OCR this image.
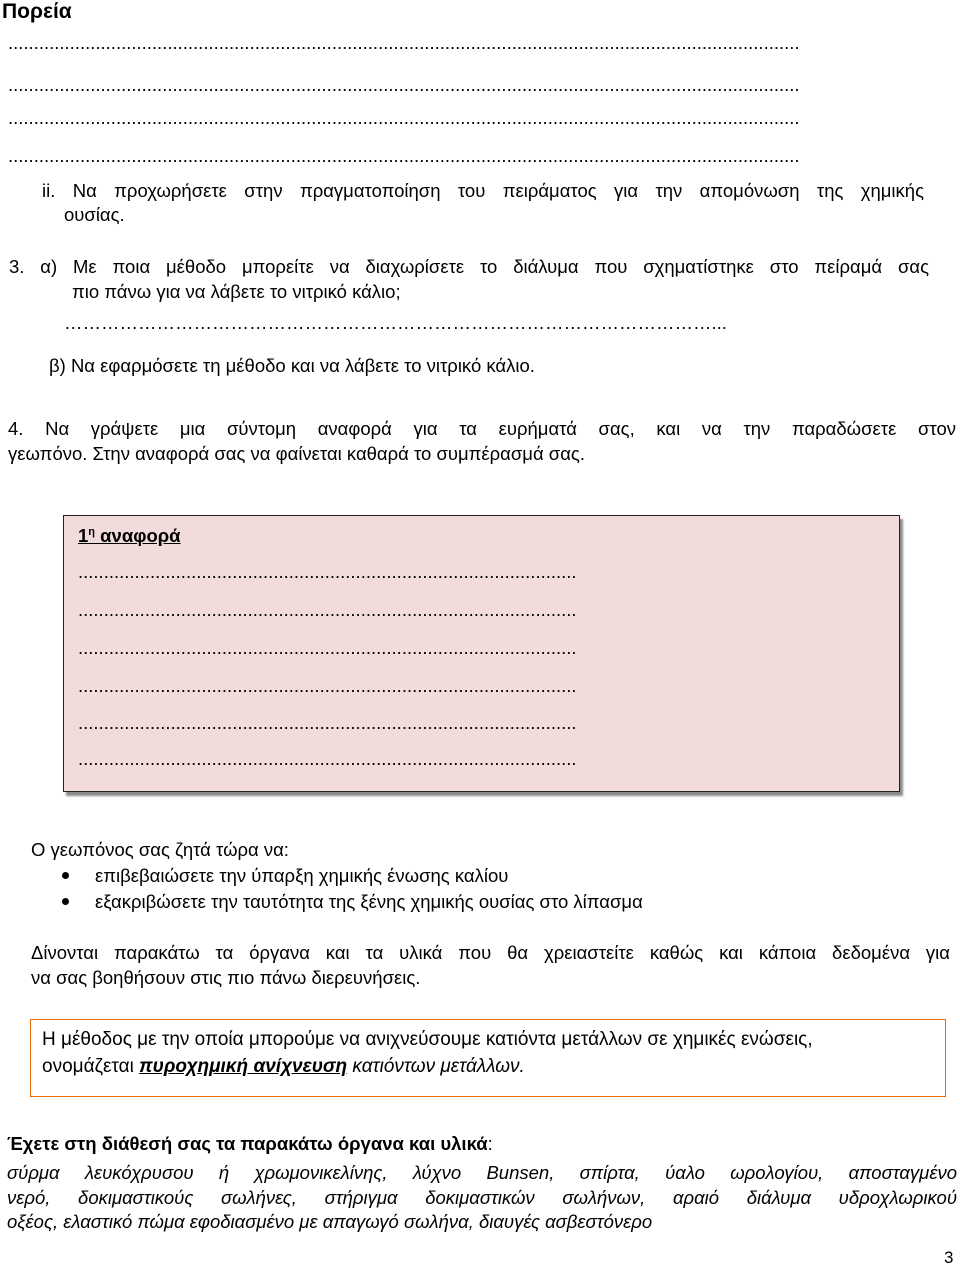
Πορεία
..........................................................................................................................................................
..........................................................................................................................................................
..........................................................................................................................................................
..........................................................................................................................................................
ii. Να προχωρήσετε στην πραγματοποίηση του πειράματος για την απομόνωση της χημικής
ουσίας.
3. α) Με ποια μέθοδο μπορείτε να διαχωρίσετε το διάλυμα που σχηματίστηκε στο πείραμά σας
πιο πάνω για να λάβετε το νιτρικό κάλιο;
……………………………………………………………………………………………...
β) Να εφαρμόσετε τη μέθοδο και να λάβετε το νιτρικό κάλιο.
4. Να γράψετε μια σύντομη αναφορά για τα ευρήματά σας, και να την παραδώσετε στον
γεωπόνο. Στην αναφορά σας να φαίνεται καθαρά το συμπέρασμά σας.
$1^\eta$ αναφορά
.................................................................................................
.................................................................................................
.................................................................................................
.................................................................................................
.................................................................................................
.................................................................................................
Ο γεωπόνος σας ζητά τώρα να:
επιβεβαιώσετε την ύπαρξη χημικής ένωσης καλίου
εξακριβώσετε την ταυτότητα της ξένης χημικής ουσίας στο λίπασμα
Δίνονται παρακάτω τα όργανα και τα υλικά που θα χρειαστείτε καθώς και κάποια δεδομένα για
να σας βοηθήσουν στις πιο πάνω διερευνήσεις.
Η μέθοδος με την οποία μπορούμε να ανιχνεύσουμε κατιόντα μετάλλων σε χημικές ενώσεις,
ονομάζεται πυροχημική ανίχνευση κατιόντων μετάλλων.
Έχετε στη διάθεσή σας τα παρακάτω όργανα και υλικά:
σύρμα λευκόχρυσου ή χρωμονικελίνης, λύχνο Bunsen, σπίρτα, ύαλο ωρολογίου, αποσταγμένο
νερό, δοκιμαστικούς σωλήνες, στήριγμα δοκιμαστικών σωλήνων, αραιό διάλυμα υδροχλωρικού
οξέος, ελαστικό πώμα εφοδιασμένο με απαγωγό σωλήνα, διαυγές ασβεστόνερο
3
